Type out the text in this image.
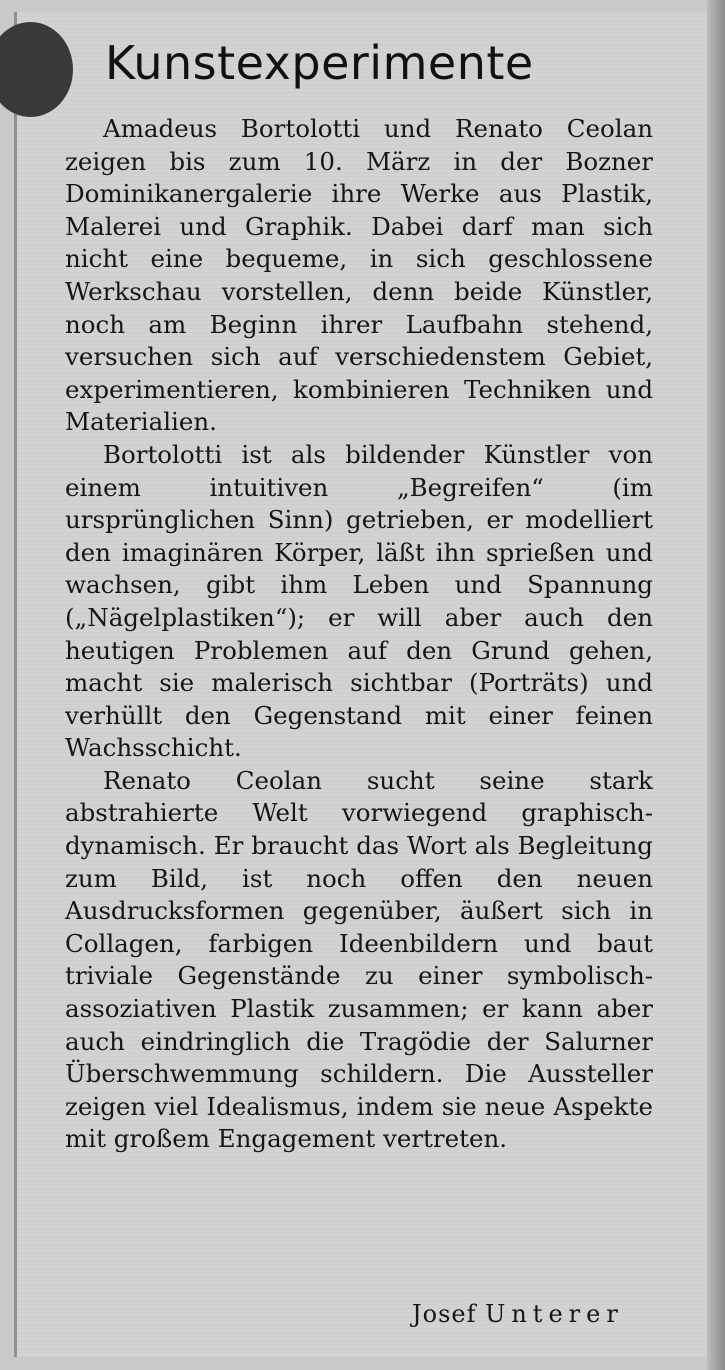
Kunstexperimente

Amadeus Bortolotti und Renato Ceolan zeigen bis zum 10. März in der Bozner Dominikanergalerie ihre Werke aus Plastik, Malerei und Graphik. Dabei darf man sich nicht eine bequeme, in sich geschlossene Werkschau vorstellen, denn beide Künstler, noch am Beginn ihrer Laufbahn stehend, versuchen sich auf verschiedenstem Gebiet, experimentieren, kombinieren Techniken und Materialien.

Bortolotti ist als bildender Künstler von einem intuitiven „Begreifen“ (im ursprünglichen Sinn) getrieben, er modelliert den imaginären Körper, läßt ihn sprießen und wachsen, gibt ihm Leben und Spannung („Nägelplastiken“); er will aber auch den heutigen Problemen auf den Grund gehen, macht sie malerisch sichtbar (Porträts) und verhüllt den Gegenstand mit einer feinen Wachsschicht.

Renato Ceolan sucht seine stark abstrahierte Welt vorwiegend graphisch-dynamisch. Er braucht das Wort als Begleitung zum Bild, ist noch offen den neuen Ausdrucksformen gegenüber, äußert sich in Collagen, farbigen Ideenbildern und baut triviale Gegenstände zu einer symbolisch-assoziativen Plastik zusammen; er kann aber auch eindringlich die Tragödie der Salurner Überschwemmung schildern. Die Aussteller zeigen viel Idealismus, indem sie neue Aspekte mit großem Engagement vertreten.

Josef Unterer
